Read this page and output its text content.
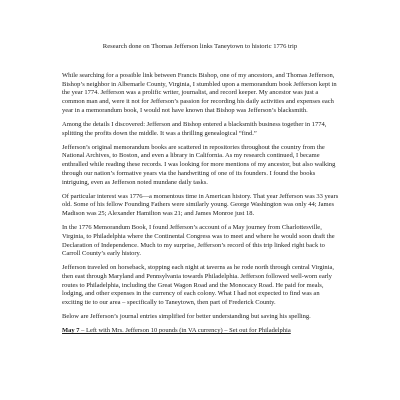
Research done on Thomas Jefferson links Taneytown to historic 1776 trip

While searching for a possible link between Francis Bishop, one of my ancestors, and Thomas Jefferson, Bishop’s neighbor in Albemarle County, Virginia, I stumbled upon a memorandum book Jefferson kept in the year 1774. Jefferson was a prolific writer, journalist, and record keeper. My ancestor was just a common man and, were it not for Jefferson’s passion for recording his daily activities and expenses each year in a memorandum book, I would not have known that Bishop was Jefferson’s blacksmith.

Among the details I discovered: Jefferson and Bishop entered a blacksmith business together in 1774, splitting the profits down the middle. It was a thrilling genealogical “find.”

Jefferson’s original memorandum books are scattered in repositories throughout the country from the National Archives, to Boston, and even a library in California. As my research continued, I became enthralled while reading these records. I was looking for more mentions of my ancestor, but also walking through our nation’s formative years via the handwriting of one of its founders. I found the books intriguing, even as Jefferson noted mundane daily tasks.

Of particular interest was 1776—a momentous time in American history. That year Jefferson was 33 years old. Some of his fellow Founding Fathers were similarly young. George Washington was only 44; James Madison was 25; Alexander Hamilton was 21; and James Monroe just 18.

In the 1776 Memorandum Book, I found Jefferson’s account of a May journey from Charlottesville, Virginia, to Philadelphia where the Continental Congress was to meet and where he would soon draft the Declaration of Independence. Much to my surprise, Jefferson’s record of this trip linked right back to Carroll County’s early history.

Jefferson traveled on horseback, stopping each night at taverns as he rode north through central Virginia, then east through Maryland and Pennsylvania towards Philadelphia. Jefferson followed well-worn early routes to Philadelphia, including the Great Wagon Road and the Monocacy Road. He paid for meals, lodging, and other expenses in the currency of each colony. What I had not expected to find was an exciting tie to our area – specifically to Taneytown, then part of Frederick County.

Below are Jefferson’s journal entries simplified for better understanding but saving his spelling.

May 7 – Left with Mrs. Jefferson 10 pounds (in VA currency) – Set out for Philadelphia
